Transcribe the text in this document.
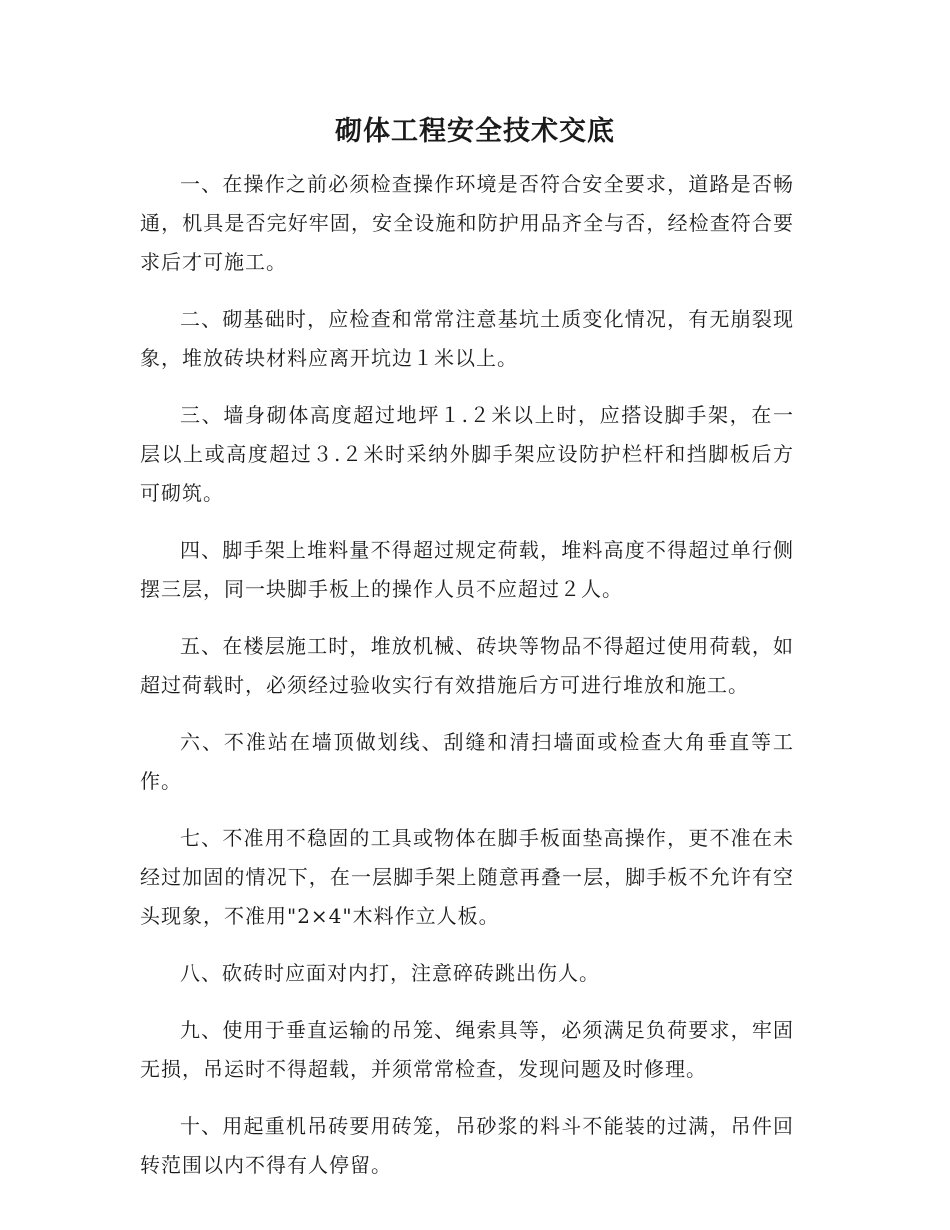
砌体工程安全技术交底

一、在操作之前必须检查操作环境是否符合安全要求，道路是否畅通，机具是否完好牢固，安全设施和防护用品齐全与否，经检查符合要求后才可施工。

二、砌基础时，应检查和常常注意基坑土质变化情况，有无崩裂现象，堆放砖块材料应离开坑边１米以上。

三、墙身砌体高度超过地坪１.２米以上时，应搭设脚手架，在一层以上或高度超过３.２米时采纳外脚手架应设防护栏杆和挡脚板后方可砌筑。

四、脚手架上堆料量不得超过规定荷载，堆料高度不得超过单行侧摆三层，同一块脚手板上的操作人员不应超过２人。

五、在楼层施工时，堆放机械、砖块等物品不得超过使用荷载，如超过荷载时，必须经过验收实行有效措施后方可进行堆放和施工。

六、不准站在墙顶做划线、刮缝和清扫墙面或检查大角垂直等工作。

七、不准用不稳固的工具或物体在脚手板面垫高操作，更不准在未经过加固的情况下，在一层脚手架上随意再叠一层，脚手板不允许有空头现象，不准用"2×4"木料作立人板。

八、砍砖时应面对内打，注意碎砖跳出伤人。

九、使用于垂直运输的吊笼、绳索具等，必须满足负荷要求，牢固无损，吊运时不得超载，并须常常检查，发现问题及时修理。

十、用起重机吊砖要用砖笼，吊砂浆的料斗不能装的过满，吊件回转范围以内不得有人停留。
